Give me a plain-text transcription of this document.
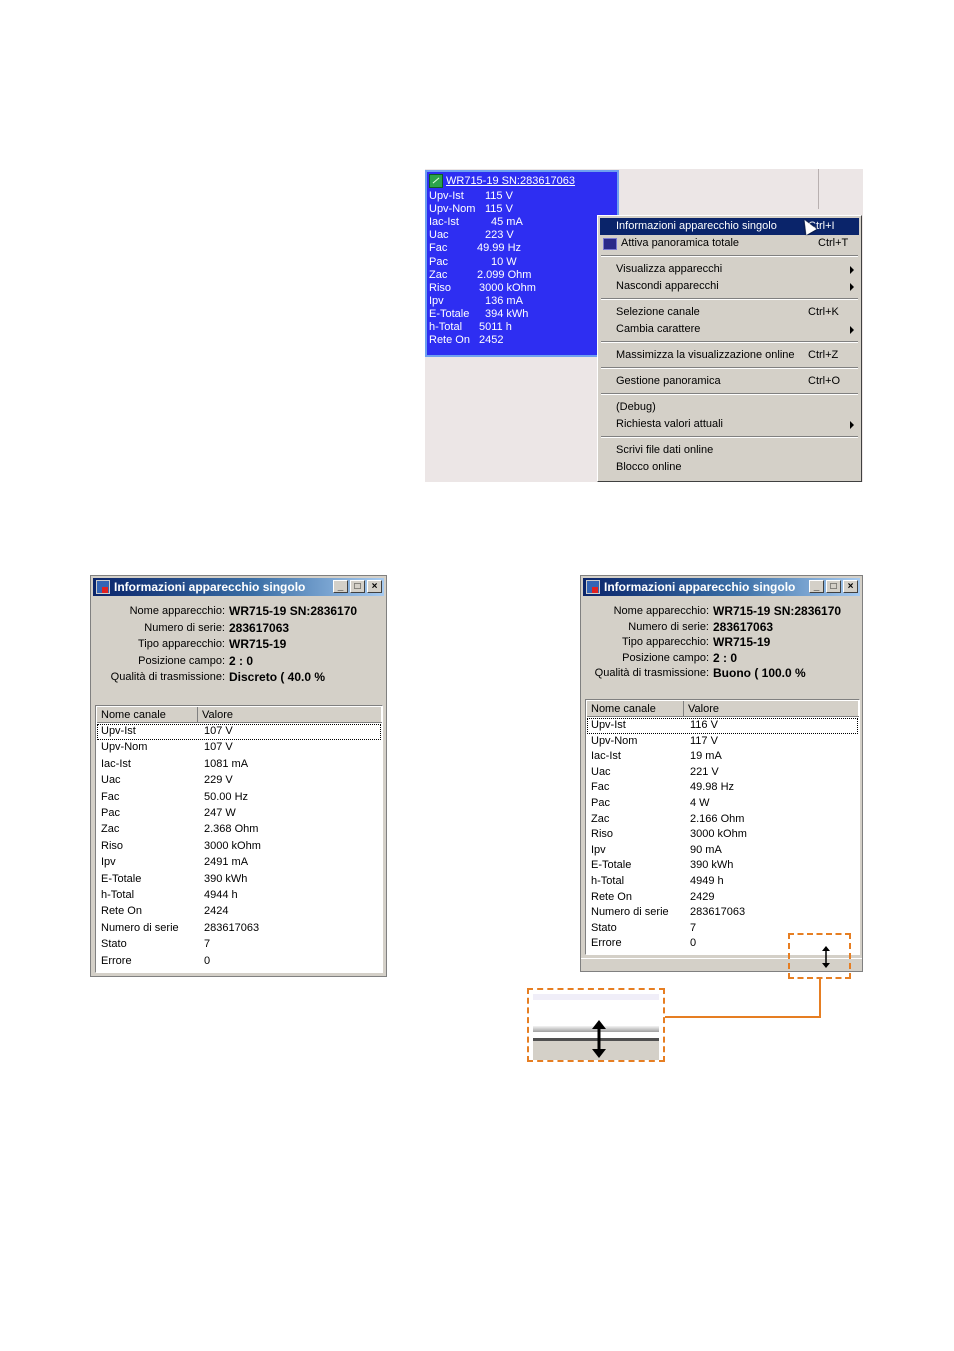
WR715-19 SN:283617063
Upv-Ist 115 V
Upv-Nom 115 V
Iac-Ist	45 mA
Uac	223 V
Fac	49.99 Hz
Pac	10 W
Zac	2.099 Ohm
Riso	3000 kOhm
Ipv	136 mA
E-Totale 394 kWh
h-Total 5011 h
Rete On 2452
Informazioni apparecchio singolo	Ctrl+I
Attiva panoramica totale	Ctrl+T
Visualizza apparecchi
Nascondi apparecchi
Selezione canale	Ctrl+K
Cambia carattere
Massimizza la visualizzazione online Ctrl+Z
Gestione panoramica	Ctrl+O
(Debug)
Richiesta valori attuali
Scrivi file dati online
Blocco online
Informazioni apparecchio singolo	_	□	×
Nome apparecchio: WR715-19 SN:2836170
Numero di serie: 283617063
Tipo apparecchio: WR715-19
Posizione campo: 2 : 0
Qualità di trasmissione: Discreto ( 40.0 %
Nome canale	Valore
Upv-Ist	107 V
Upv-Nom	107 V
Iac-Ist	1081 mA
Uac	229 V
Fac	50.00 Hz
Pac	247 W
Zac	2.368 Ohm
Riso	3000 kOhm
Ipv	2491 mA
E-Totale	390 kWh
h-Total	4944 h
Rete On	2424
Numero di serie 283617063
Stato	7
Errore	0
Informazioni apparecchio singolo	_	□	×
Nome apparecchio: WR715-19 SN:2836170
Numero di serie: 283617063
Tipo apparecchio: WR715-19
Posizione campo: 2 : 0
Qualità di trasmissione: Buono ( 100.0 %
Nome canale	Valore
Upv-Ist	116 V
Upv-Nom	117 V
Iac-Ist	19 mA
Uac	221 V
Fac	49.98 Hz
Pac	4 W
Zac	2.166 Ohm
Riso	3000 kOhm
Ipv	90 mA
E-Totale	390 kWh
h-Total	4949 h
Rete On	2429
Numero di serie 283617063
Stato	7
Errore	0
